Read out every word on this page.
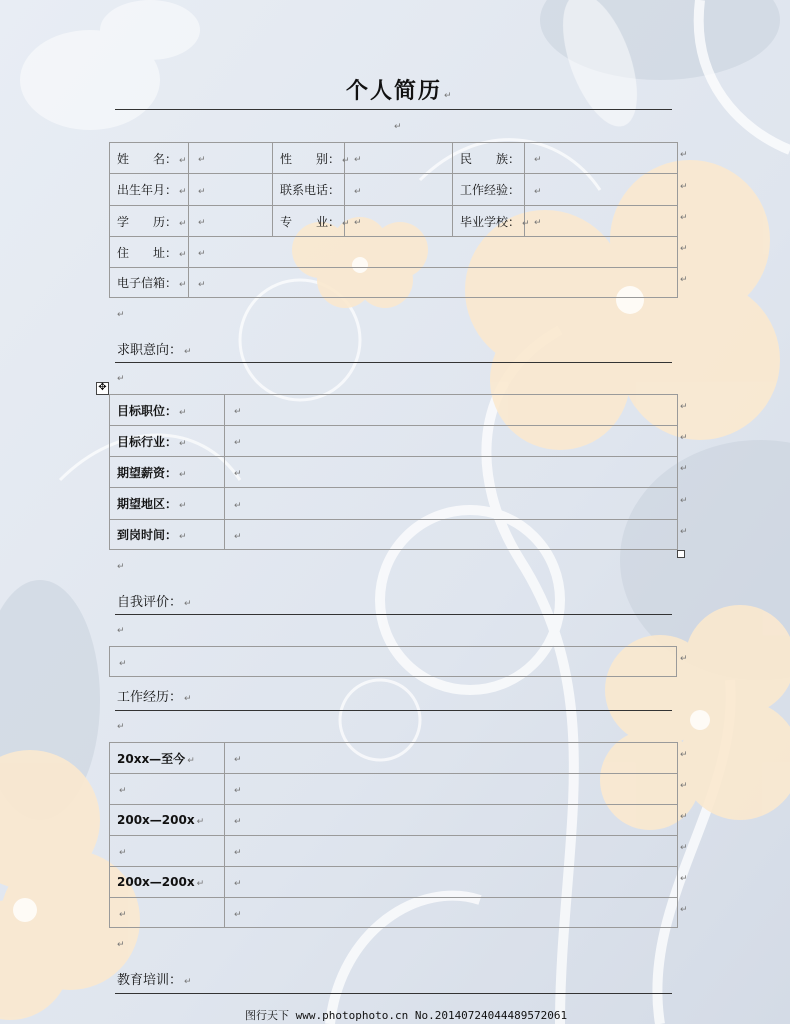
个人简历 ↵
↵
姓　　名： ↵	↵	性　　别： ↵	↵	民　　族：	↵
出生年月： ↵	↵	联系电话：	↵	工作经验：	↵
学　　历： ↵	↵	专　　业： ↵	↵	毕业学校： ↵	↵
住　　址： ↵	↵				
电子信箱： ↵	↵				
↵
↵
↵
↵
↵
↵
求职意向： ↵
↵
✥
目标职位： ↵	↵
目标行业： ↵	↵
期望薪资： ↵	↵
期望地区： ↵	↵
到岗时间： ↵	↵
↵
↵
↵
↵
↵
↵
自我评价： ↵
↵
↵	↵
工作经历： ↵
↵
20xx—至今 ↵	↵
↵	↵
200x—200x ↵	↵
↵	↵
200x—200x ↵	↵
↵	↵
↵
↵
↵
↵
↵
↵
↵
教育培训： ↵
图行天下 www.photophoto.cn No.20140724044489572061
